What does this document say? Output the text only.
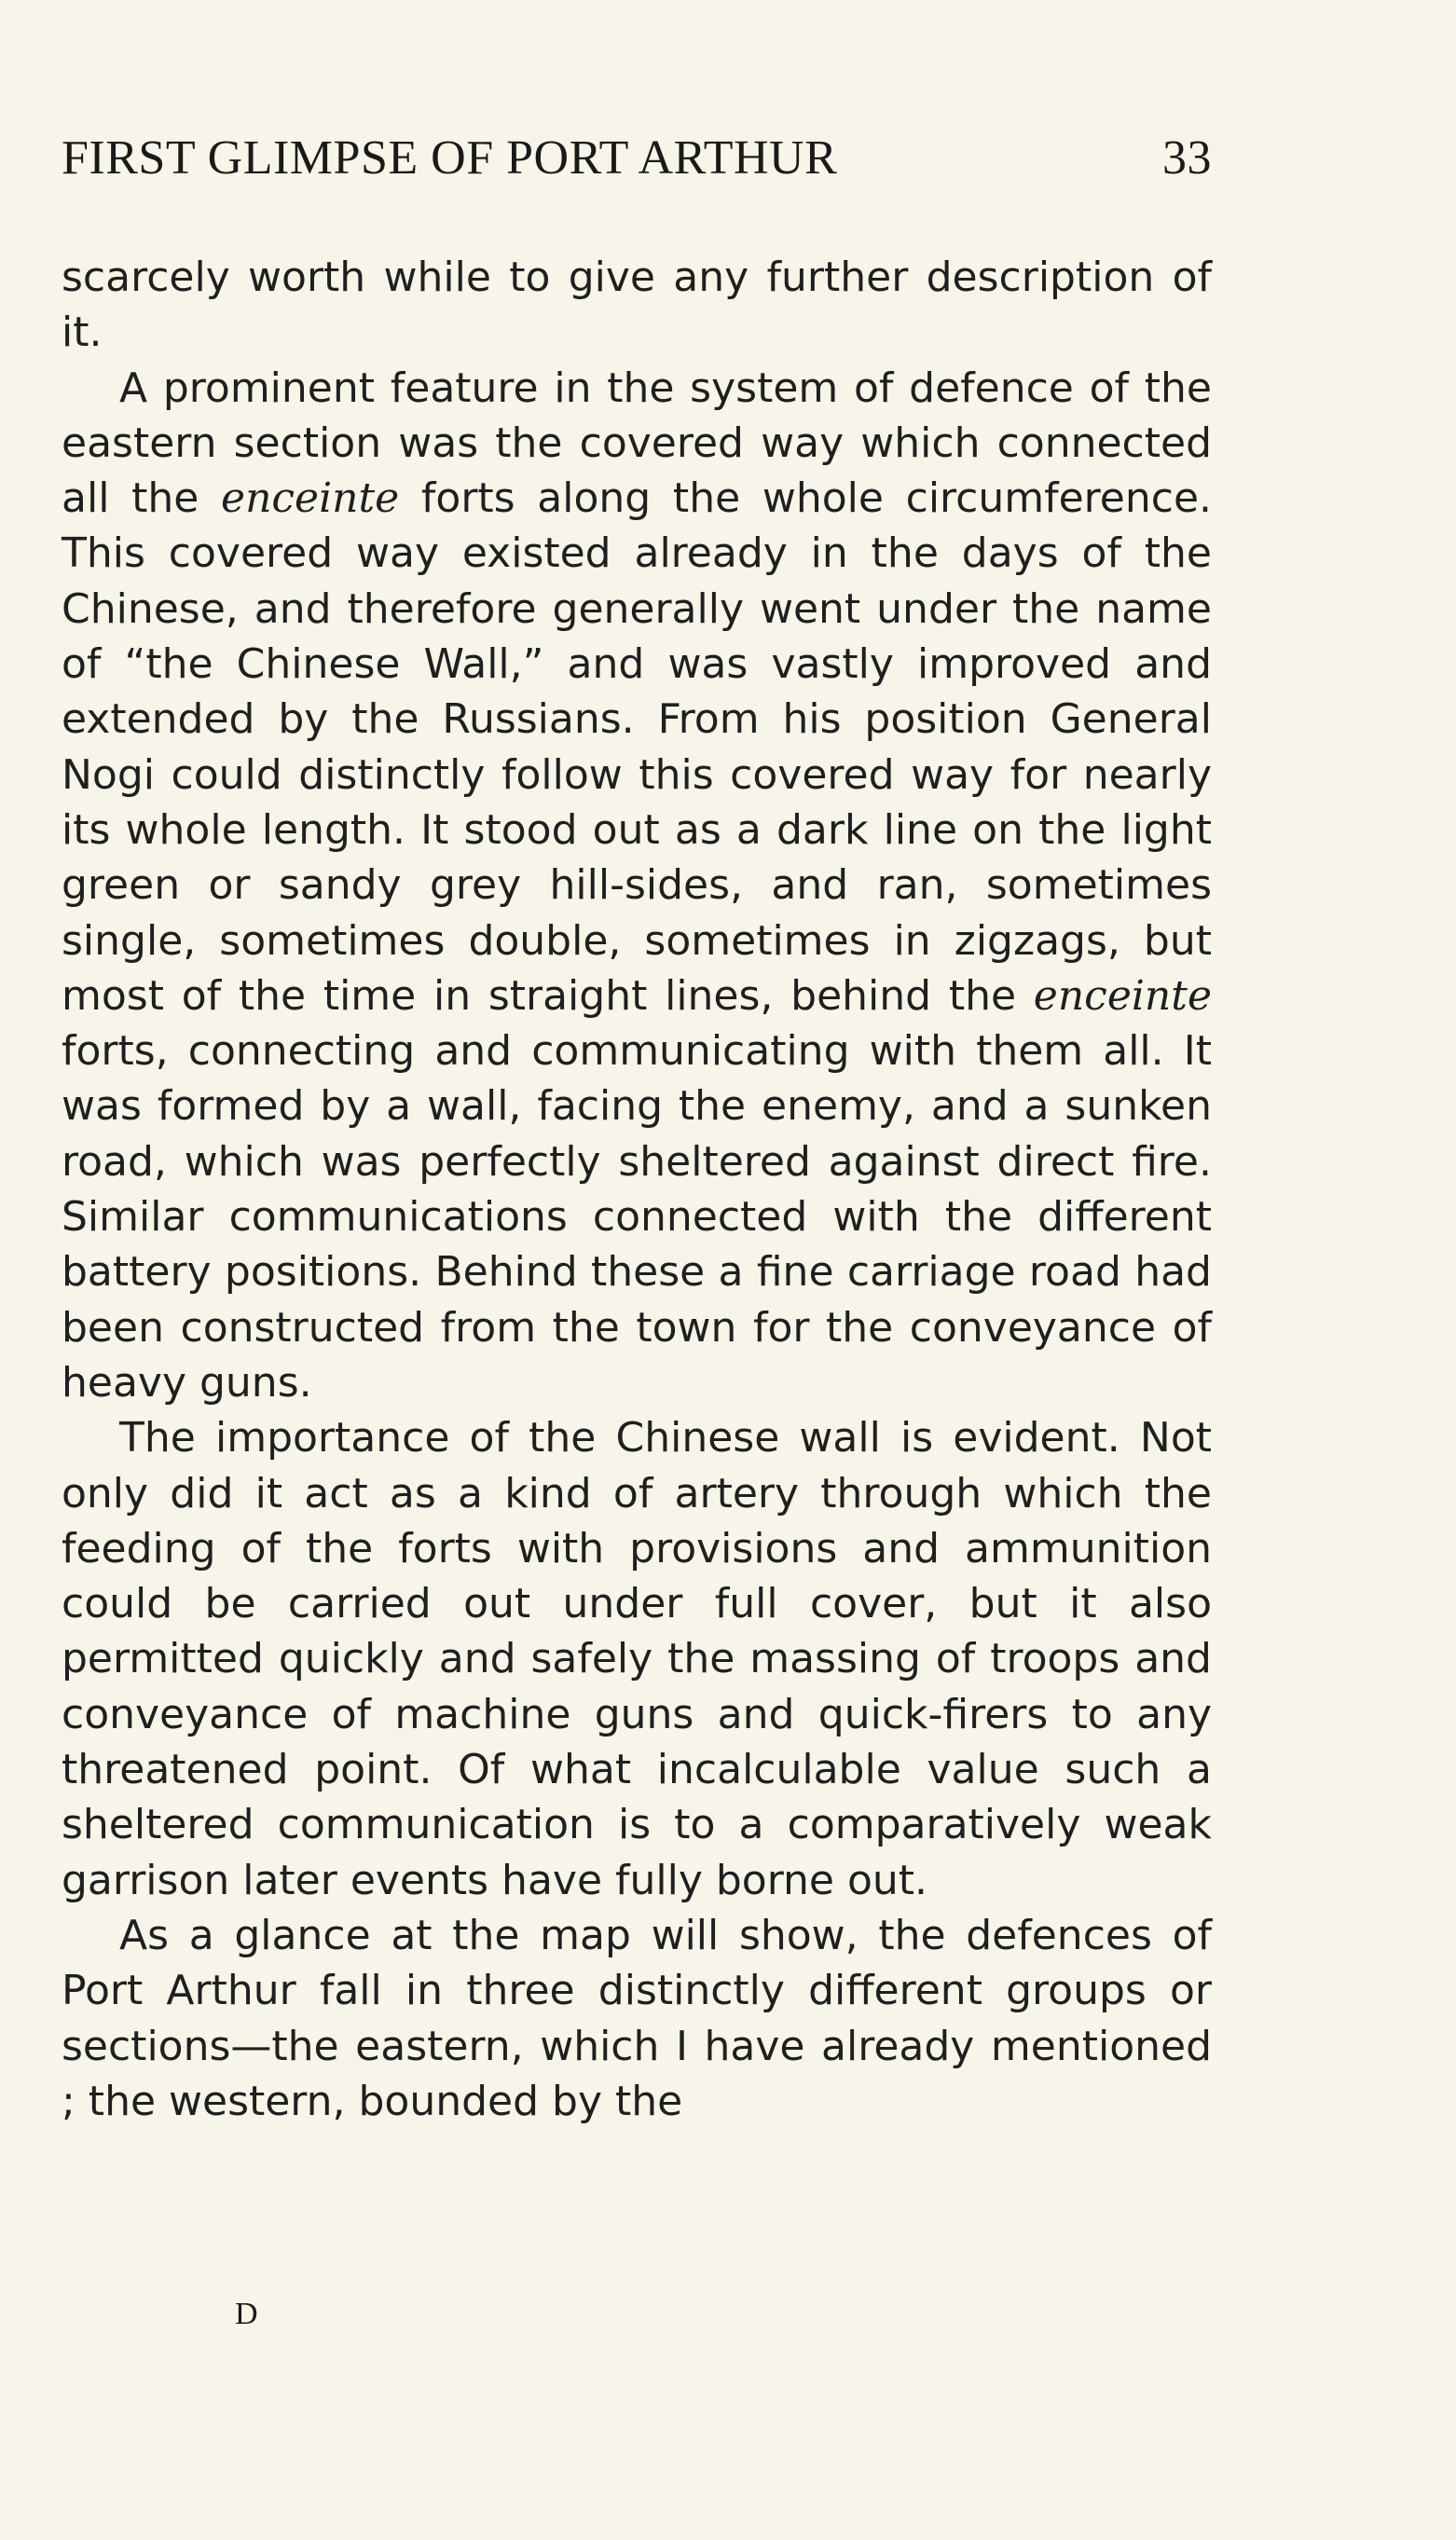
FIRST GLIMPSE OF PORT ARTHUR	33

scarcely worth while to give any further description of it.

A prominent feature in the system of defence of the eastern section was the covered way which connected all the enceinte forts along the whole circumference. This covered way existed already in the days of the Chinese, and therefore generally went under the name of “the Chinese Wall,” and was vastly improved and extended by the Russians. From his position General Nogi could distinctly follow this covered way for nearly its whole length. It stood out as a dark line on the light green or sandy grey hill-sides, and ran, sometimes single, sometimes double, sometimes in zigzags, but most of the time in straight lines, behind the enceinte forts, connecting and communicating with them all. It was formed by a wall, facing the enemy, and a sunken road, which was perfectly sheltered against direct fire. Similar communications connected with the different battery positions. Behind these a fine carriage road had been constructed from the town for the conveyance of heavy guns.

The importance of the Chinese wall is evident. Not only did it act as a kind of artery through which the feeding of the forts with provisions and ammunition could be carried out under full cover, but it also permitted quickly and safely the massing of troops and conveyance of machine guns and quick-firers to any threatened point. Of what incalculable value such a sheltered communication is to a comparatively weak garrison later events have fully borne out.

As a glance at the map will show, the defences of Port Arthur fall in three distinctly different groups or sections—the eastern, which I have already mentioned ; the western, bounded by the

D
